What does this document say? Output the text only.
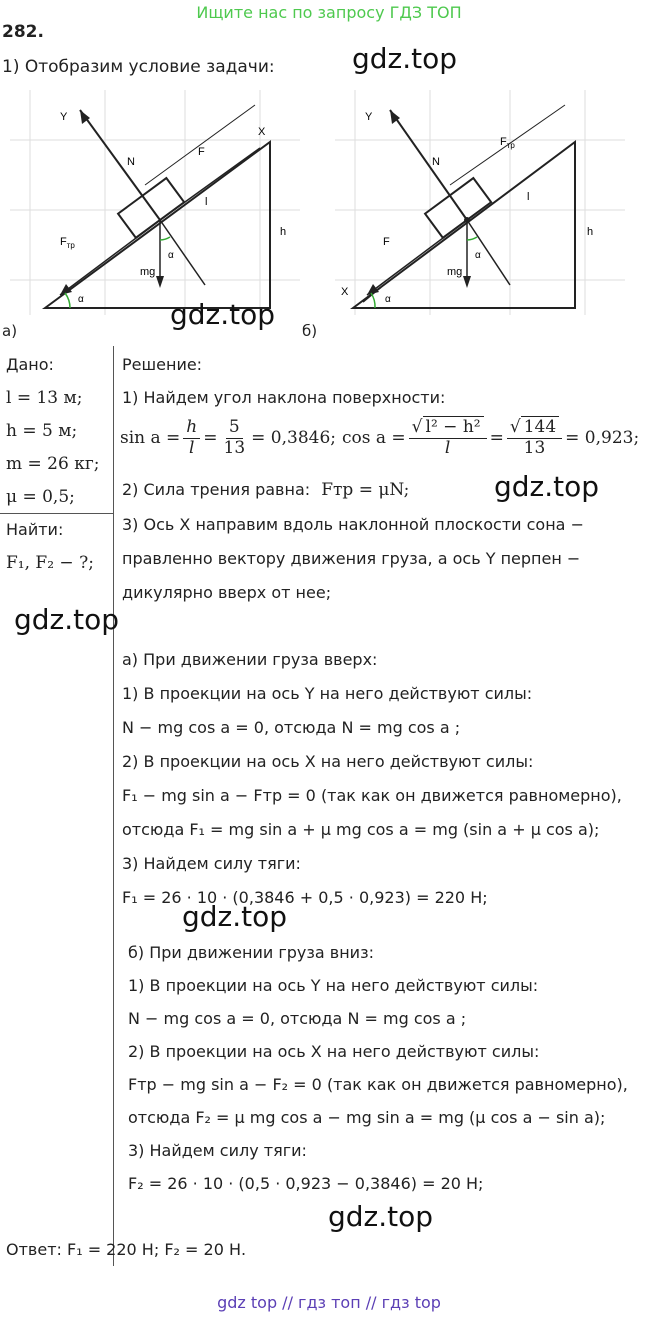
Ищите нас по запросу ГДЗ ТОП
282.
1) Отобразим условие задачи:	gdz.top
Y
X
N
F
$F_{тр}$
l
h
mg
α
α
а)	gdz.top
Y
X
N
$F_{тр}$
F
l
h
mg
α
α
б)
Дано:
l = 13 м;
h = 5 м;
m = 26 кг;
μ = 0,5;
Найти:
F₁, F₂ − ?;
gdz.top
Решение:
1) Найдем угол наклона поверхности:
$\sin a = \frac{h}{l} = \frac{5}{13} = 0,3846$; $\cos a = \frac{\text{√ l² − h²}}{l} = \frac{√ 144}{13} = 0,923$;
2) Сила трения равна: Fтр = μN;	gdz.top
3) Ось X направим вдоль наклонной плоскости сона −
правленно вектору движения груза, а ось Y перпен −
дикулярно вверх от нее;
а) При движении груза вверх:
1) В проекции на ось Y на него действуют силы:
N − mg cos a = 0, отсюда N = mg cos a ;
2) В проекции на ось X на него действуют силы:
F₁ − mg sin a − Fтр = 0 (так как он движется равномерно),
отсюда F₁ = mg sin a + μ mg cos a = mg (sin a + μ cos a);
3) Найдем силу тяги:
F₁ = 26 · 10 · (0,3846 + 0,5 · 0,923) = 220 Н;
gdz.top
б) При движении груза вниз:
1) В проекции на ось Y на него действуют силы:
N − mg cos a = 0, отсюда N = mg cos a ;
2) В проекции на ось X на него действуют силы:
Fтр − mg sin a − F₂ = 0 (так как он движется равномерно),
отсюда F₂ = μ mg cos a − mg sin a = mg (μ cos a − sin a);
3) Найдем силу тяги:
F₂ = 26 · 10 · (0,5 · 0,923 − 0,3846) = 20 Н;
gdz.top
Ответ: F₁ = 220 Н; F₂ = 20 Н.
gdz top // гдз топ // гдз top
